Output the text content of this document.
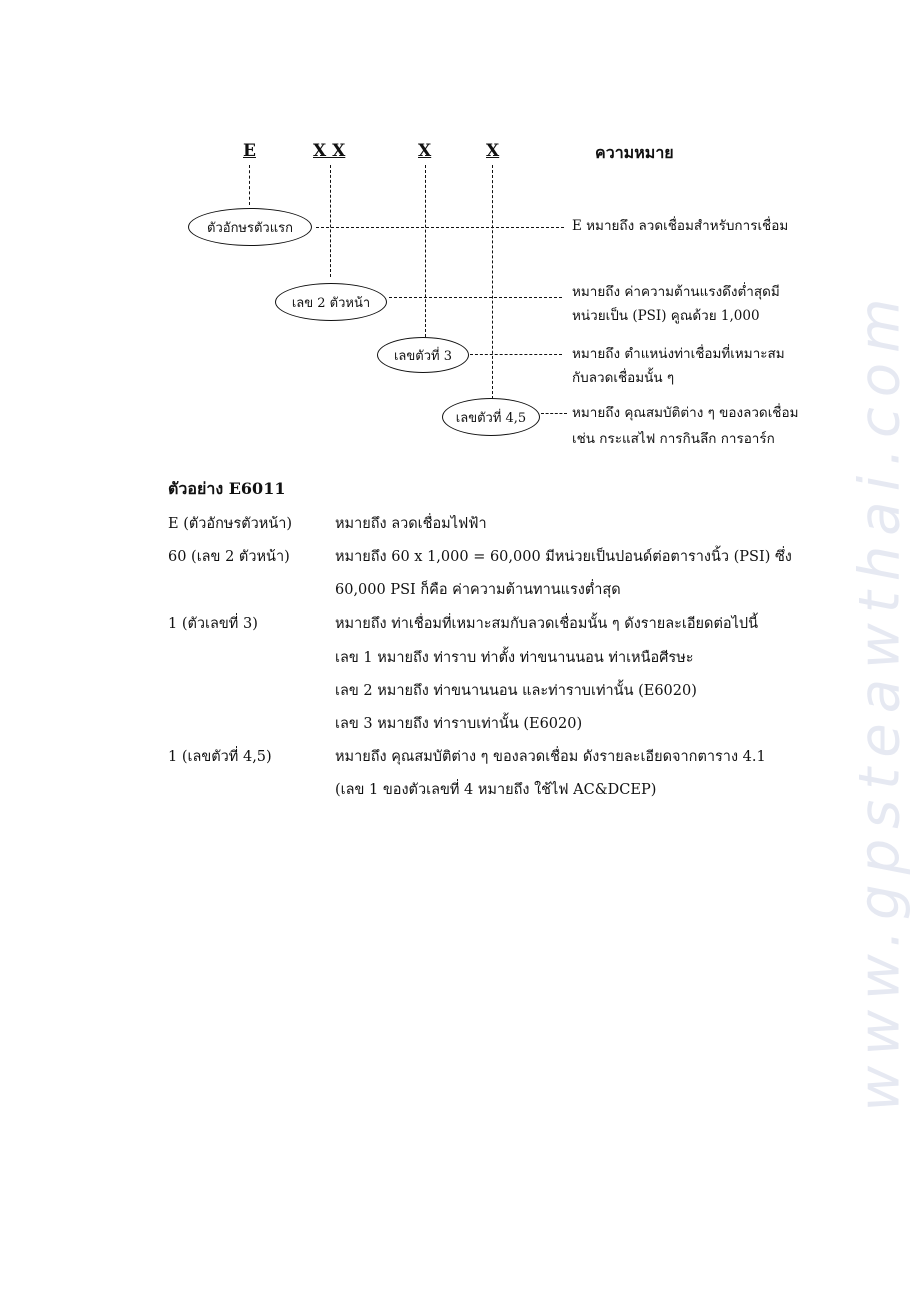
www.gpsteawthai.com
E	X X	X	X	ความหมาย
ตัวอักษรตัวแรก
เลข 2 ตัวหน้า
เลขตัวที่ 3
เลขตัวที่ 4,5
E หมายถึง ลวดเชื่อมสำหรับการเชื่อม
หมายถึง ค่าความต้านแรงดึงต่ำสุดมี
หน่วยเป็น (PSI) คูณด้วย 1,000
หมายถึง ตำแหน่งท่าเชื่อมที่เหมาะสม
กับลวดเชื่อมนั้น ๆ
หมายถึง คุณสมบัติต่าง ๆ ของลวดเชื่อม
เช่น กระแสไฟ การกินลึก การอาร์ก
ตัวอย่าง E6011
E (ตัวอักษรตัวหน้า)	หมายถึง ลวดเชื่อมไฟฟ้า
60 (เลข 2 ตัวหน้า)	หมายถึง 60 x 1,000 = 60,000 มีหน่วยเป็นปอนด์ต่อตารางนิ้ว (PSI) ซึ่ง
60,000 PSI ก็คือ ค่าความต้านทานแรงต่ำสุด
1 (ตัวเลขที่ 3)	หมายถึง ท่าเชื่อมที่เหมาะสมกับลวดเชื่อมนั้น ๆ ดังรายละเอียดต่อไปนี้
เลข 1 หมายถึง ท่าราบ ท่าตั้ง ท่าขนานนอน ท่าเหนือศีรษะ
เลข 2 หมายถึง ท่าขนานนอน และท่าราบเท่านั้น (E6020)
เลข 3 หมายถึง ท่าราบเท่านั้น (E6020)
1 (เลขตัวที่ 4,5)	หมายถึง คุณสมบัติต่าง ๆ ของลวดเชื่อม ดังรายละเอียดจากตาราง 4.1
(เลข 1 ของตัวเลขที่ 4 หมายถึง ใช้ไฟ AC&DCEP)
